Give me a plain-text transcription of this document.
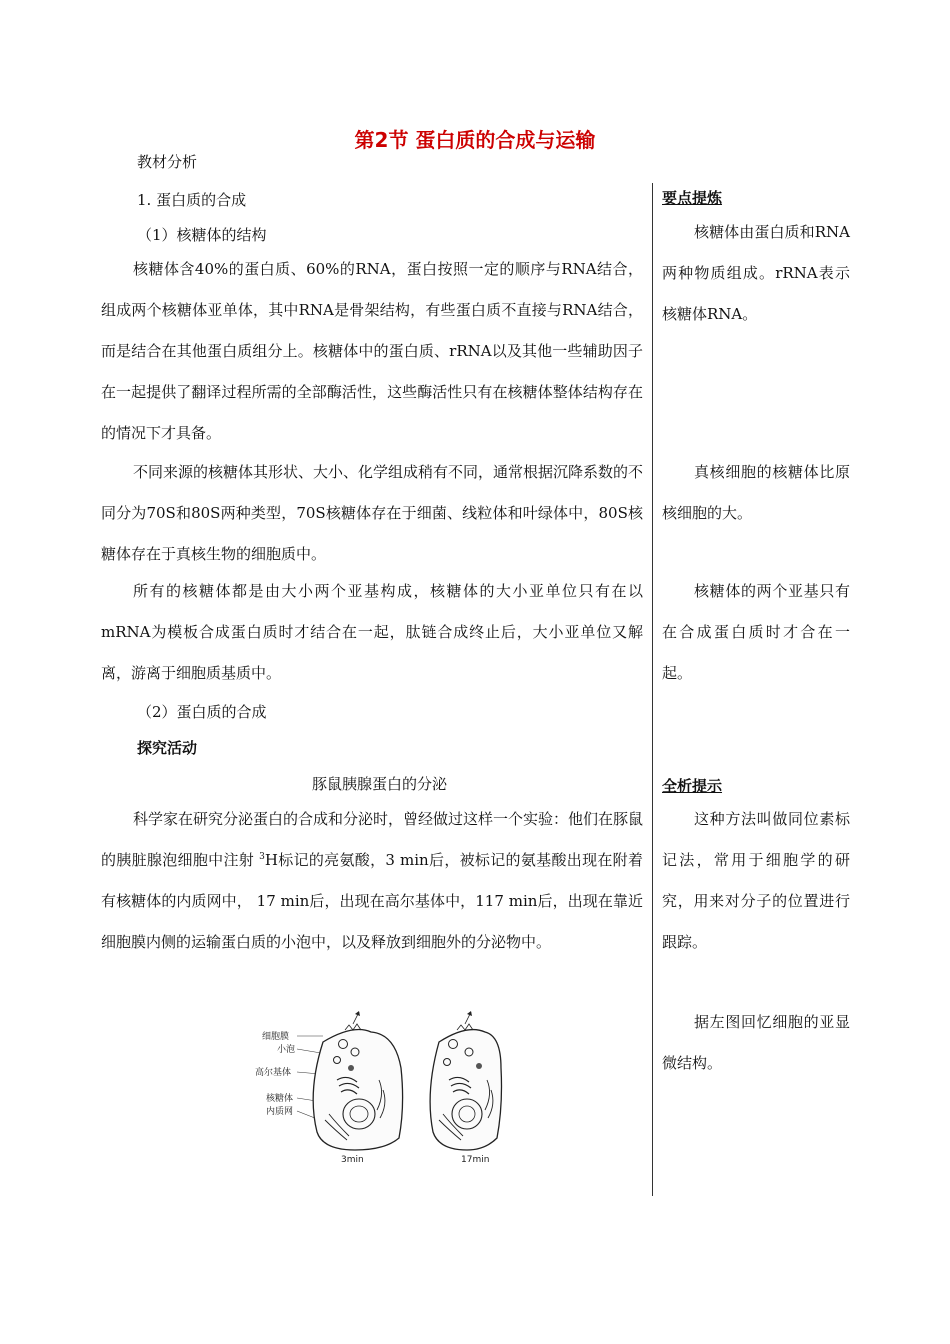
第2节 蛋白质的合成与运输
教材分析
1. 蛋白质的合成
（1）核糖体的结构
核糖体含40%的蛋白质、60%的RNA，蛋白按照一定的顺序与RNA结合，组成两个核糖体亚单体，其中RNA是骨架结构，有些蛋白质不直接与RNA结合，而是结合在其他蛋白质组分上。核糖体中的蛋白质、rRNA以及其他一些辅助因子在一起提供了翻译过程所需的全部酶活性，这些酶活性只有在核糖体整体结构存在的情况下才具备。
不同来源的核糖体其形状、大小、化学组成稍有不同，通常根据沉降系数的不同分为70S和80S两种类型，70S核糖体存在于细菌、线粒体和叶绿体中，80S核糖体存在于真核生物的细胞质中。
所有的核糖体都是由大小两个亚基构成，核糖体的大小亚单位只有在以mRNA为模板合成蛋白质时才结合在一起，肽链合成终止后，大小亚单位又解离，游离于细胞质基质中。
（2）蛋白质的合成
探究活动
豚鼠胰腺蛋白的分泌
科学家在研究分泌蛋白的合成和分泌时，曾经做过这样一个实验：他们在豚鼠的胰脏腺泡细胞中注射 $^3$H标记的亮氨酸，3 min后，被标记的氨基酸出现在附着有核糖体的内质网中， 17 min后，出现在高尔基体中，117 min后，出现在靠近细胞膜内侧的运输蛋白质的小泡中，以及释放到细胞外的分泌物中。
要点提炼
核糖体由蛋白质和RNA两种物质组成。rRNA表示核糖体RNA。
真核细胞的核糖体比原核细胞的大。
核糖体的两个亚基只有在合成蛋白质时才合在一起。
全析提示
这种方法叫做同位素标记法，常用于细胞学的研究，用来对分子的位置进行跟踪。
据左图回忆细胞的亚显微结构。
细胞膜
小泡
高尔基体
核糖体
内质网
3min	17min
